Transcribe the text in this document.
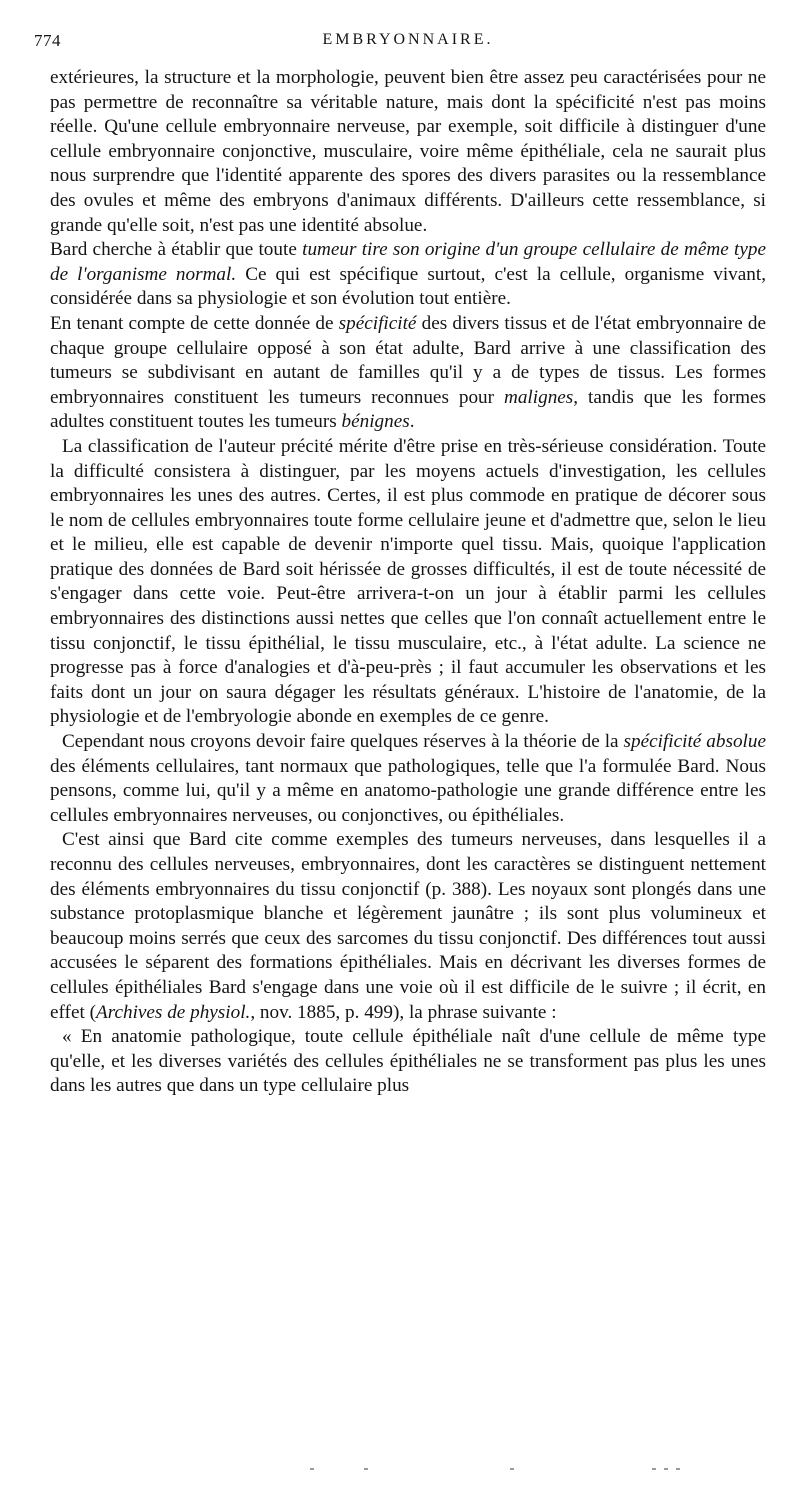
774	EMBRYONNAIRE.

extérieures, la structure et la morphologie, peuvent bien être assez peu caractérisées pour ne pas permettre de reconnaître sa véritable nature, mais dont la spécificité n'est pas moins réelle. Qu'une cellule embryonnaire nerveuse, par exemple, soit difficile à distinguer d'une cellule embryonnaire conjonctive, musculaire, voire même épithéliale, cela ne saurait plus nous surprendre que l'identité apparente des spores des divers parasites ou la ressemblance des ovules et même des embryons d'animaux différents. D'ailleurs cette ressemblance, si grande qu'elle soit, n'est pas une identité absolue.

Bard cherche à établir que toute tumeur tire son origine d'un groupe cellulaire de même type de l'organisme normal. Ce qui est spécifique surtout, c'est la cellule, organisme vivant, considérée dans sa physiologie et son évolution tout entière.

En tenant compte de cette donnée de spécificité des divers tissus et de l'état embryonnaire de chaque groupe cellulaire opposé à son état adulte, Bard arrive à une classification des tumeurs se subdivisant en autant de familles qu'il y a de types de tissus. Les formes embryonnaires constituent les tumeurs reconnues pour malignes, tandis que les formes adultes constituent toutes les tumeurs bénignes.

La classification de l'auteur précité mérite d'être prise en très-sérieuse considération. Toute la difficulté consistera à distinguer, par les moyens actuels d'investigation, les cellules embryonnaires les unes des autres. Certes, il est plus commode en pratique de décorer sous le nom de cellules embryonnaires toute forme cellulaire jeune et d'admettre que, selon le lieu et le milieu, elle est capable de devenir n'importe quel tissu. Mais, quoique l'application pratique des données de Bard soit hérissée de grosses difficultés, il est de toute nécessité de s'engager dans cette voie. Peut-être arrivera-t-on un jour à établir parmi les cellules embryonnaires des distinctions aussi nettes que celles que l'on connaît actuellement entre le tissu conjonctif, le tissu épithélial, le tissu musculaire, etc., à l'état adulte. La science ne progresse pas à force d'analogies et d'à-peu-près ; il faut accumuler les observations et les faits dont un jour on saura dégager les résultats généraux. L'histoire de l'anatomie, de la physiologie et de l'embryologie abonde en exemples de ce genre.

Cependant nous croyons devoir faire quelques réserves à la théorie de la spécificité absolue des éléments cellulaires, tant normaux que pathologiques, telle que l'a formulée Bard. Nous pensons, comme lui, qu'il y a même en anatomo-pathologie une grande différence entre les cellules embryonnaires nerveuses, ou conjonctives, ou épithéliales.

C'est ainsi que Bard cite comme exemples des tumeurs nerveuses, dans lesquelles il a reconnu des cellules nerveuses, embryonnaires, dont les caractères se distinguent nettement des éléments embryonnaires du tissu conjonctif (p. 388). Les noyaux sont plongés dans une substance protoplasmique blanche et légèrement jaunâtre ; ils sont plus volumineux et beaucoup moins serrés que ceux des sarcomes du tissu conjonctif. Des différences tout aussi accusées le séparent des formations épithéliales. Mais en décrivant les diverses formes de cellules épithéliales Bard s'engage dans une voie où il est difficile de le suivre ; il écrit, en effet (Archives de physiol., nov. 1885, p. 499), la phrase suivante :

« En anatomie pathologique, toute cellule épithéliale naît d'une cellule de même type qu'elle, et les diverses variétés des cellules épithéliales ne se transforment pas plus les unes dans les autres que dans un type cellulaire plus
